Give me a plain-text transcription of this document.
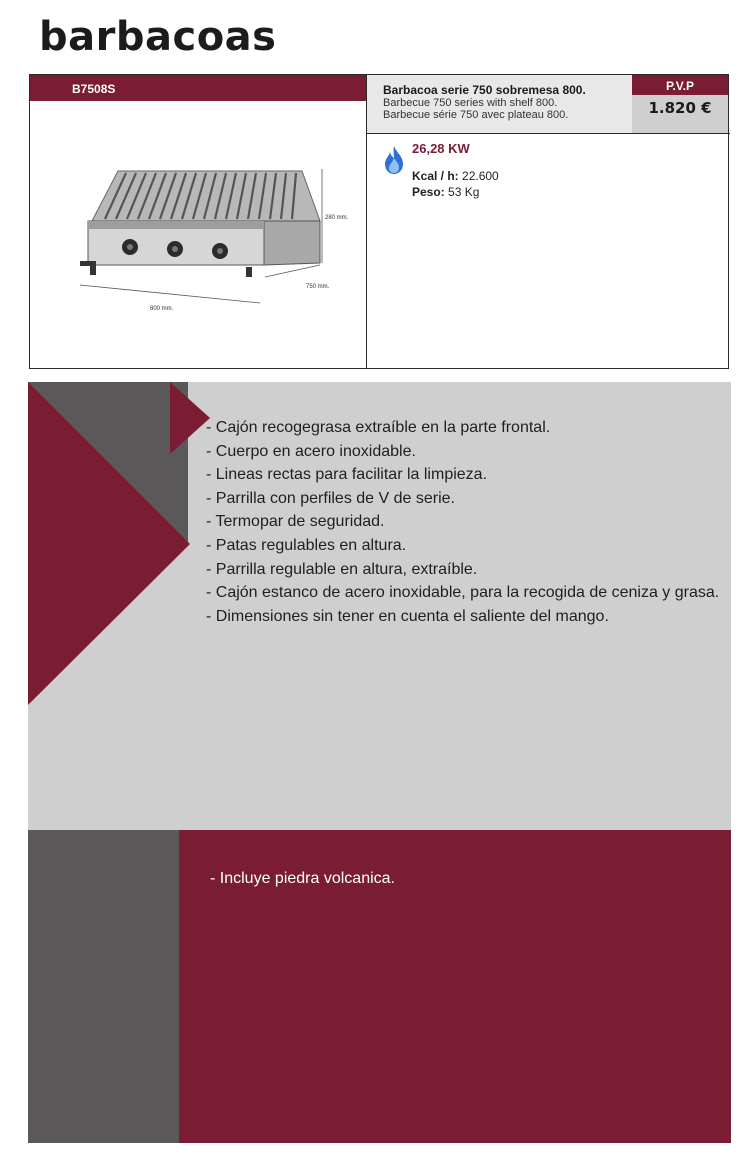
barbacoas
B7508S	Barbacoa serie 750 sobremesa 800.
Barbecue 750 series with shelf 800.
Barbecue série 750 avec plateau 800.
P.V.P
1.820 €
26,28 KW
Kcal / h: 22.600
Peso: 53 Kg
280 mm.
750 mm.
800 mm.
- Cajón recogegrasa extraíble en la parte frontal.
- Cuerpo en acero inoxidable.
- Lineas rectas para facilitar la limpieza.
- Parrilla con perfiles de V de serie.
- Termopar de seguridad.
- Patas regulables en altura.
- Parrilla regulable en altura, extraíble.
- Cajón estanco de acero inoxidable, para la recogida de ceniza y grasa.
- Dimensiones sin tener en cuenta el saliente del mango.
- Incluye piedra volcanica.
